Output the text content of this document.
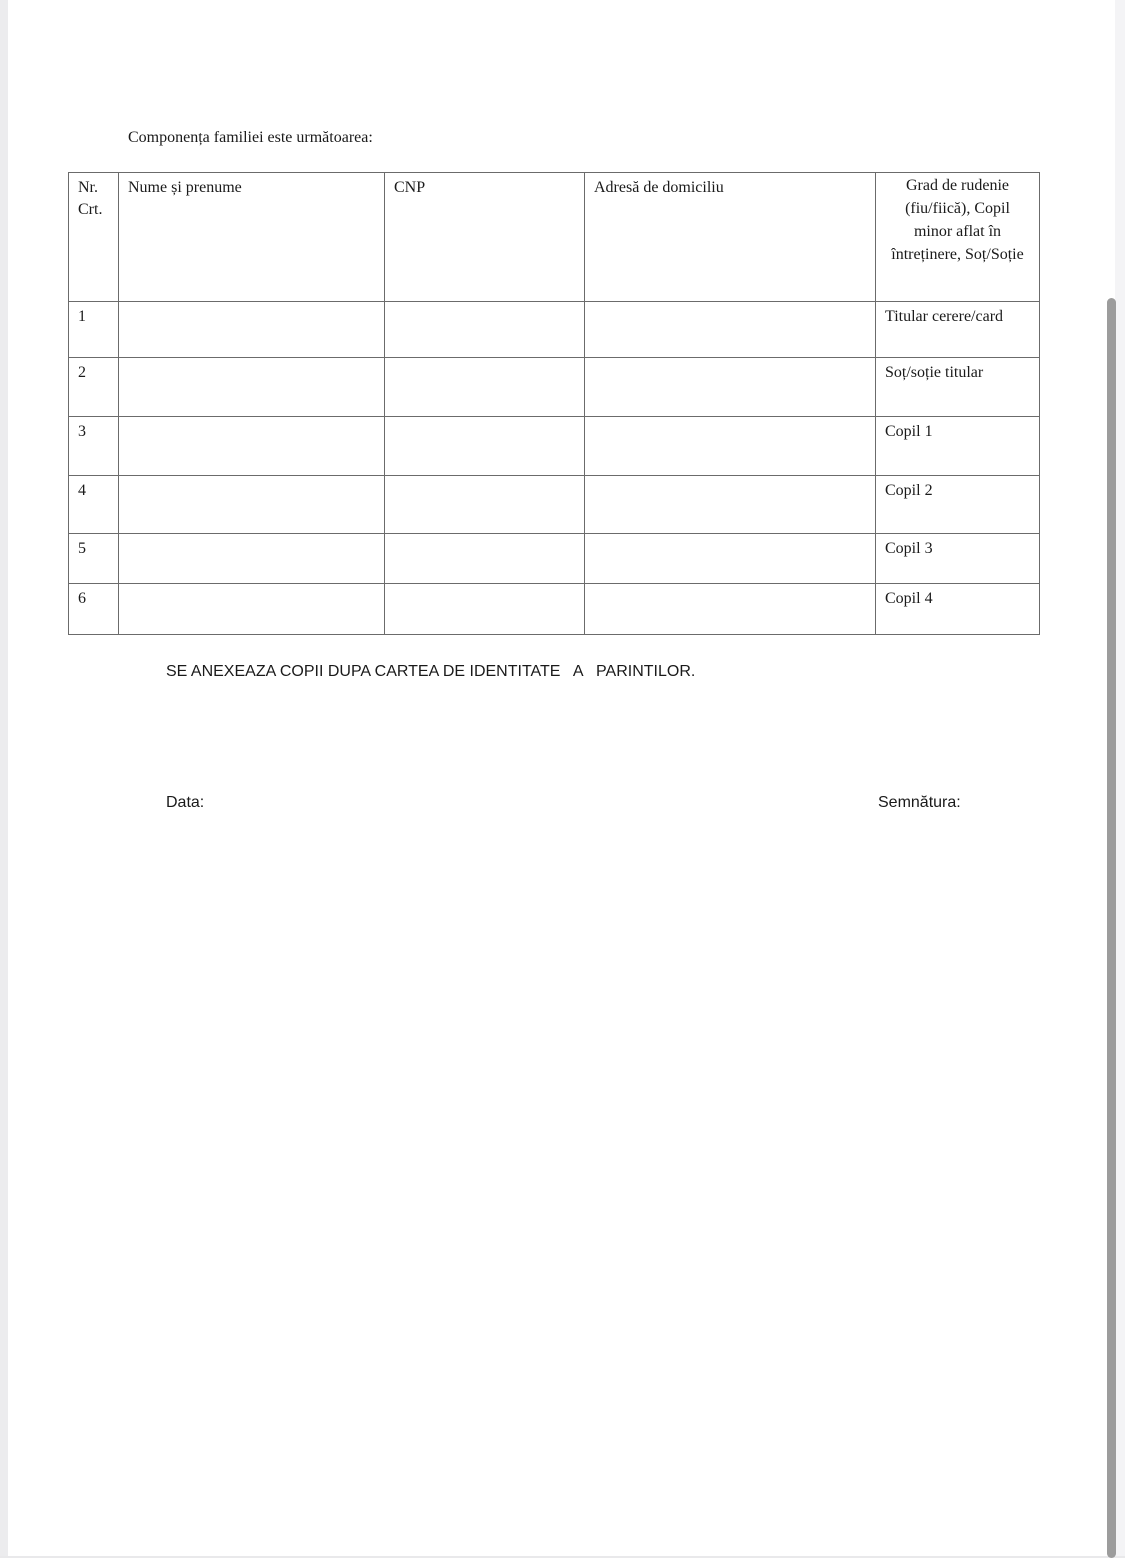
Componența familiei este următoarea:
Nr. Crt.	Nume și prenume	CNP	Adresă de domiciliu	Grad de rudenie (fiu/fiică), Copil minor aflat în întreținere, Soț/Soție
1				Titular cerere/card
2				Soț/soție titular
3				Copil 1
4				Copil 2
5				Copil 3
6				Copil 4
SE ANEXEAZA COPII DUPA CARTEA DE IDENTITATE   A   PARINTILOR.
Data:	Semnătura:
